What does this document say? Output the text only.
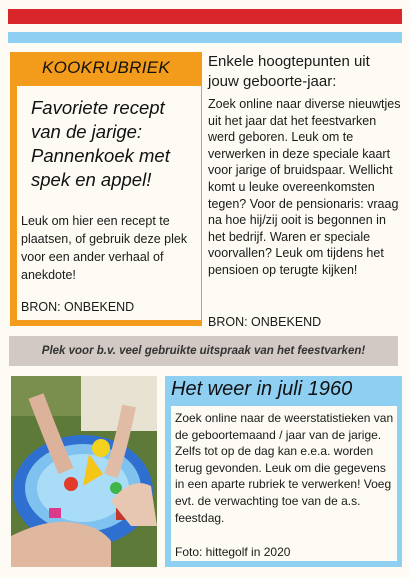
KOOKRUBRIEK
Favoriete recept
van de jarige:
Pannenkoek met
spek en appel!
Leuk om hier een recept te plaatsen, of gebruik deze plek voor een ander verhaal of anekdote!
BRON: ONBEKEND
Enkele hoogtepunten uit
jouw geboorte-jaar:
Zoek online naar diverse nieuwtjes uit het jaar dat het feestvarken werd geboren. Leuk om te verwerken in deze speciale kaart voor jarige of bruidspaar. Wellicht komt u leuke overeenkomsten tegen? Voor de pensionaris: vraag na hoe hij/zij ooit is begonnen in het bedrijf. Waren er speciale voorvallen? Leuk om tijdens het pensioen op terugte kijken!
BRON: ONBEKEND
Plek voor b.v. veel gebruikte uitspraak van het feestvarken!
Het weer in juli 1960
Zoek online naar de weerstatistieken van de geboortemaand / jaar van de jarige. Zelfs tot op de dag kan e.e.a. worden terug gevonden. Leuk om die gegevens in een aparte rubriek te verwerken! Voeg evt. de verwachting toe van de a.s. feestdag.
Foto: hittegolf in 2020
